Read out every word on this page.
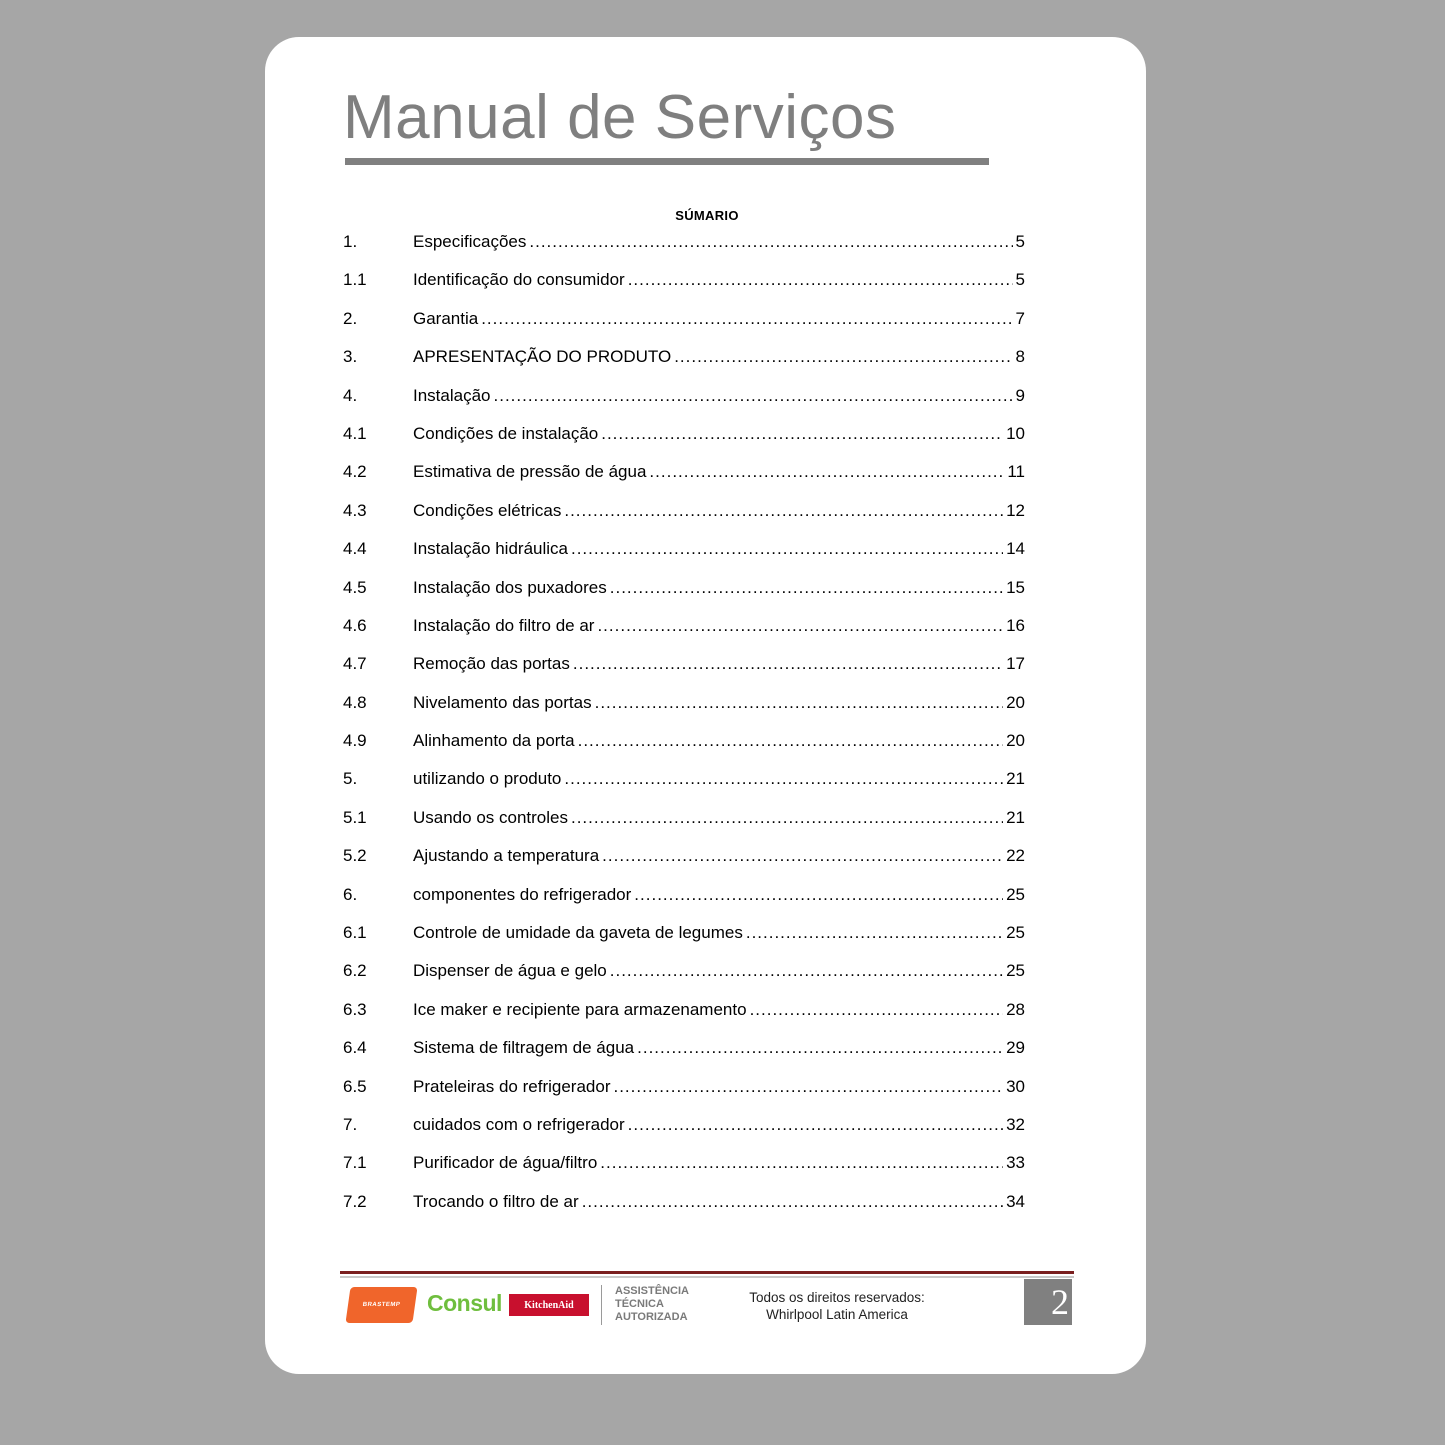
Manual de Serviços
SÚMARIO
1.	Especificações .....	5
1.1	Identificação do consumidor .....	5
2.	Garantia .....	7
3.	APRESENTAÇÃO DO PRODUTO .....	8
4.	Instalação .....	9
4.1	Condições de instalação .....	10
4.2	Estimativa de pressão de água .....	11
4.3	Condições elétricas .....	12
4.4	Instalação hidráulica .....	14
4.5	Instalação dos puxadores .....	15
4.6	Instalação do filtro de ar .....	16
4.7	Remoção das portas .....	17
4.8	Nivelamento das portas .....	20
4.9	Alinhamento da porta .....	20
5.	utilizando o produto .....	21
5.1	Usando os controles .....	21
5.2	Ajustando a temperatura .....	22
6.	componentes do refrigerador .....	25
6.1	Controle de umidade da gaveta de legumes .....	25
6.2	Dispenser de água e gelo .....	25
6.3	Ice maker e recipiente para armazenamento .....	28
6.4	Sistema de filtragem de água .....	29
6.5	Prateleiras do refrigerador .....	30
7.	cuidados com o refrigerador .....	32
7.1	Purificador de água/filtro .....	33
7.2	Trocando o filtro de ar .....	34
BRASTEMP Consul KitchenAid
ASSISTÊNCIA
TÉCNICA
AUTORIZADA
Todos os direitos reservados:
Whirlpool Latin America	2
